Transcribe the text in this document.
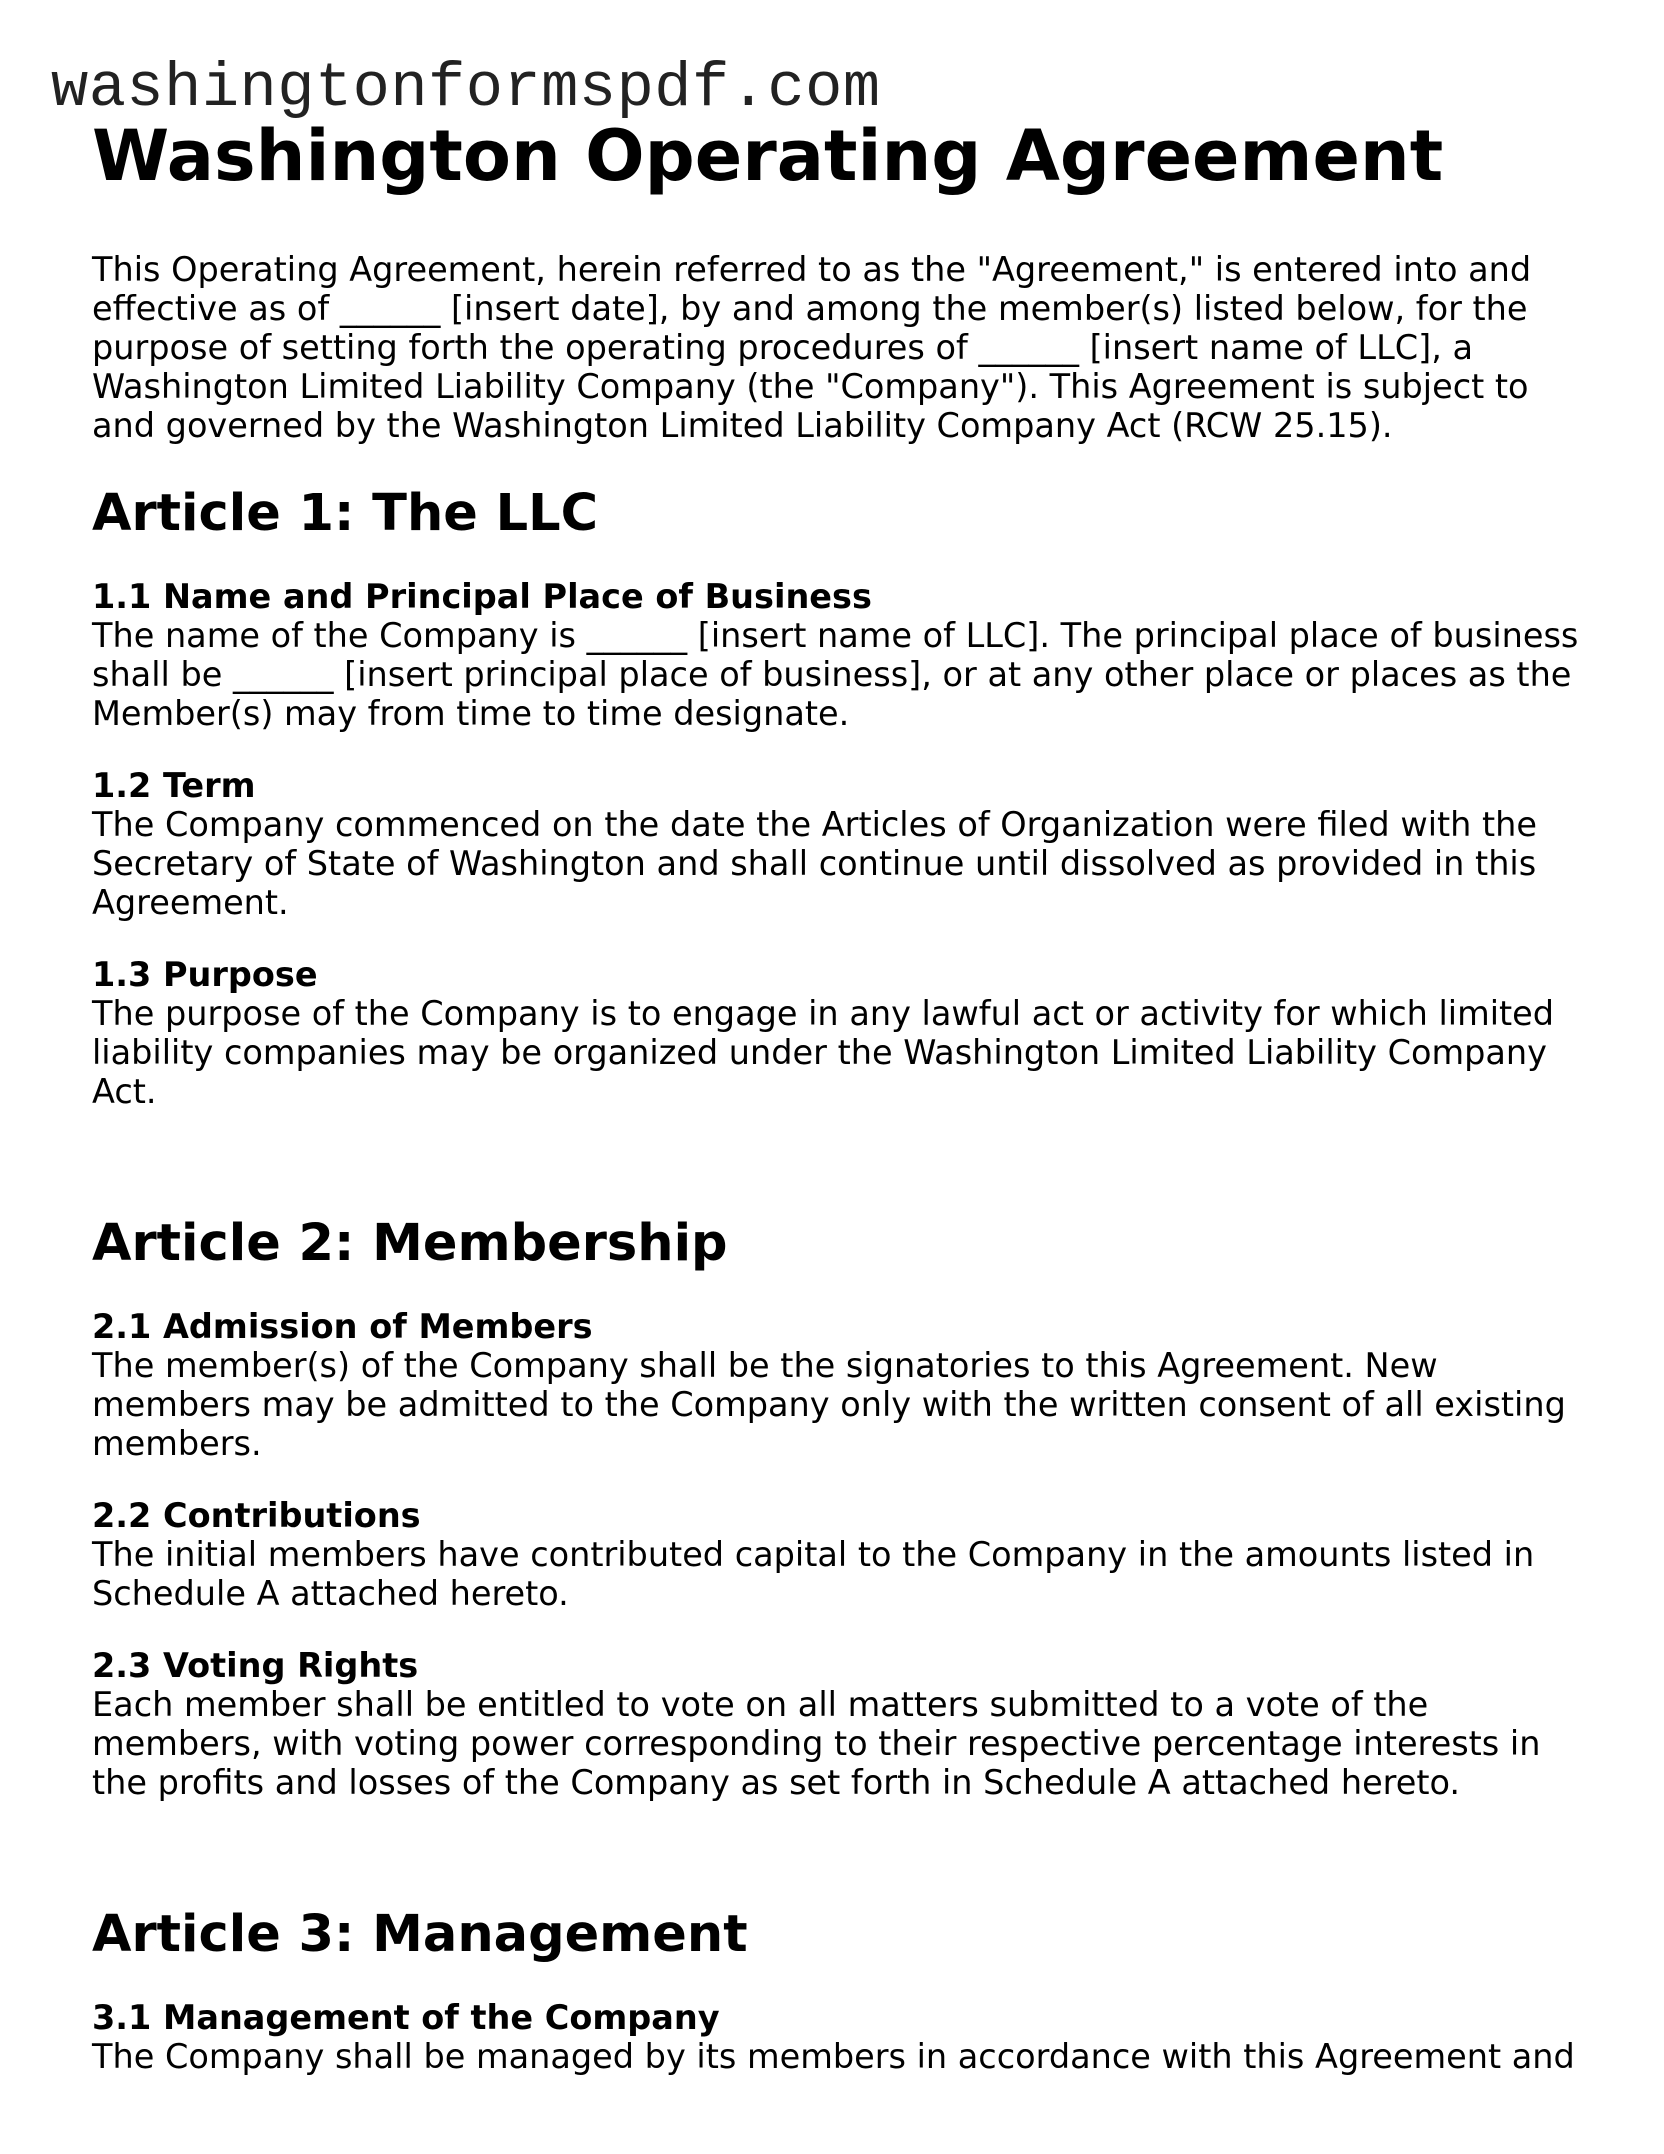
washingtonformspdf.com
Washington Operating Agreement

This Operating Agreement, herein referred to as the "Agreement," is entered into and effective as of ______ [insert date], by and among the member(s) listed below, for the purpose of setting forth the operating procedures of ______ [insert name of LLC], a Washington Limited Liability Company (the "Company"). This Agreement is subject to and governed by the Washington Limited Liability Company Act (RCW 25.15).

Article 1: The LLC
1.1 Name and Principal Place of Business

The name of the Company is ______ [insert name of LLC]. The principal place of business shall be ______ [insert principal place of business], or at any other place or places as the Member(s) may from time to time designate.

1.2 Term

The Company commenced on the date the Articles of Organization were filed with the Secretary of State of Washington and shall continue until dissolved as provided in this Agreement.

1.3 Purpose

The purpose of the Company is to engage in any lawful act or activity for which limited liability companies may be organized under the Washington Limited Liability Company Act.

Article 2: Membership
2.1 Admission of Members

The member(s) of the Company shall be the signatories to this Agreement. New members may be admitted to the Company only with the written consent of all existing members.

2.2 Contributions

The initial members have contributed capital to the Company in the amounts listed in Schedule A attached hereto.

2.3 Voting Rights

Each member shall be entitled to vote on all matters submitted to a vote of the members, with voting power corresponding to their respective percentage interests in the profits and losses of the Company as set forth in Schedule A attached hereto.

Article 3: Management
3.1 Management of the Company

The Company shall be managed by its members in accordance with this Agreement and
